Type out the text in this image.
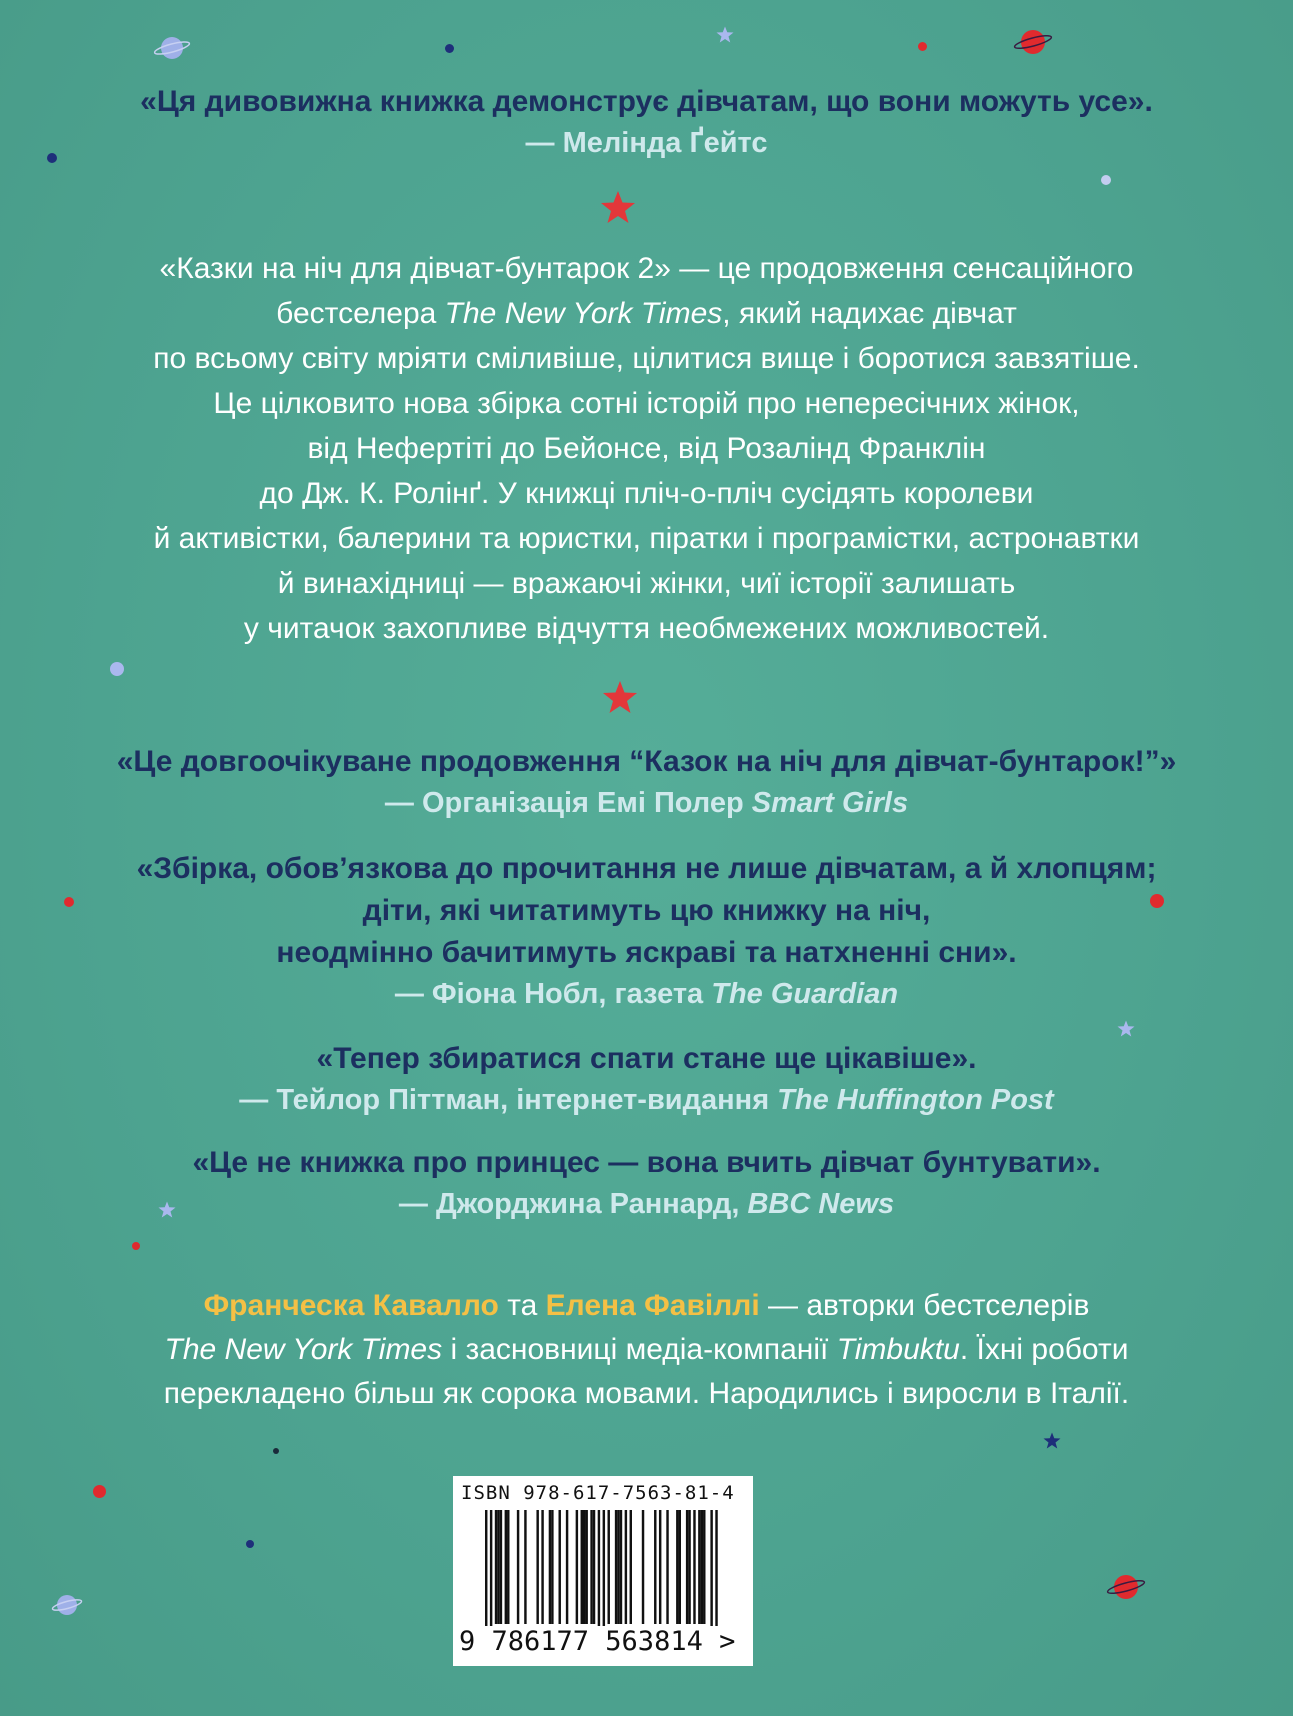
«Ця дивовижна книжка демонструє дівчатам, що вони можуть усе».

— Мелінда Ґейтс

«Казки на ніч для дівчат-бунтарок 2» — це продовження сенсаційного

бестселера The New York Times, який надихає дівчат

по всьому світу мріяти сміливіше, цілитися вище і боротися завзятіше.

Це цілковито нова збірка сотні історій про непересічних жінок,

від Нефертіті до Бейонсе, від Розалінд Франклін

до Дж. К. Ролінґ. У книжці пліч-о-пліч сусідять королеви

й активістки, балерини та юристки, піратки і програмістки, астронавтки

й винахідниці — вражаючі жінки, чиї історії залишать

у читачок захопливе відчуття необмежених можливостей.

«Це довгоочікуване продовження “Казок на ніч для дівчат-бунтарок!”»

— Організація Емі Полер Smart Girls

«Збірка, обов’язкова до прочитання не лише дівчатам, а й хлопцям;

діти, які читатимуть цю книжку на ніч,

неодмінно бачитимуть яскраві та натхненні сни».

— Фіона Нобл, газета The Guardian

«Тепер збиратися спати стане ще цікавіше».

— Тейлор Піттман, інтернет-видання The Huffington Post

«Це не книжка про принцес — вона вчить дівчат бунтувати».

— Джорджина Раннард, BBC News

Франческа Кавалло та Елена Фавіллі — авторки бестселерів

The New York Times і засновниці медіа-компанії Timbuktu. Їхні роботи

перекладено більш як сорока мовами. Народились і виросли в Італії.

ISBN 978-617-7563-81-4
9 786177 563814 >
